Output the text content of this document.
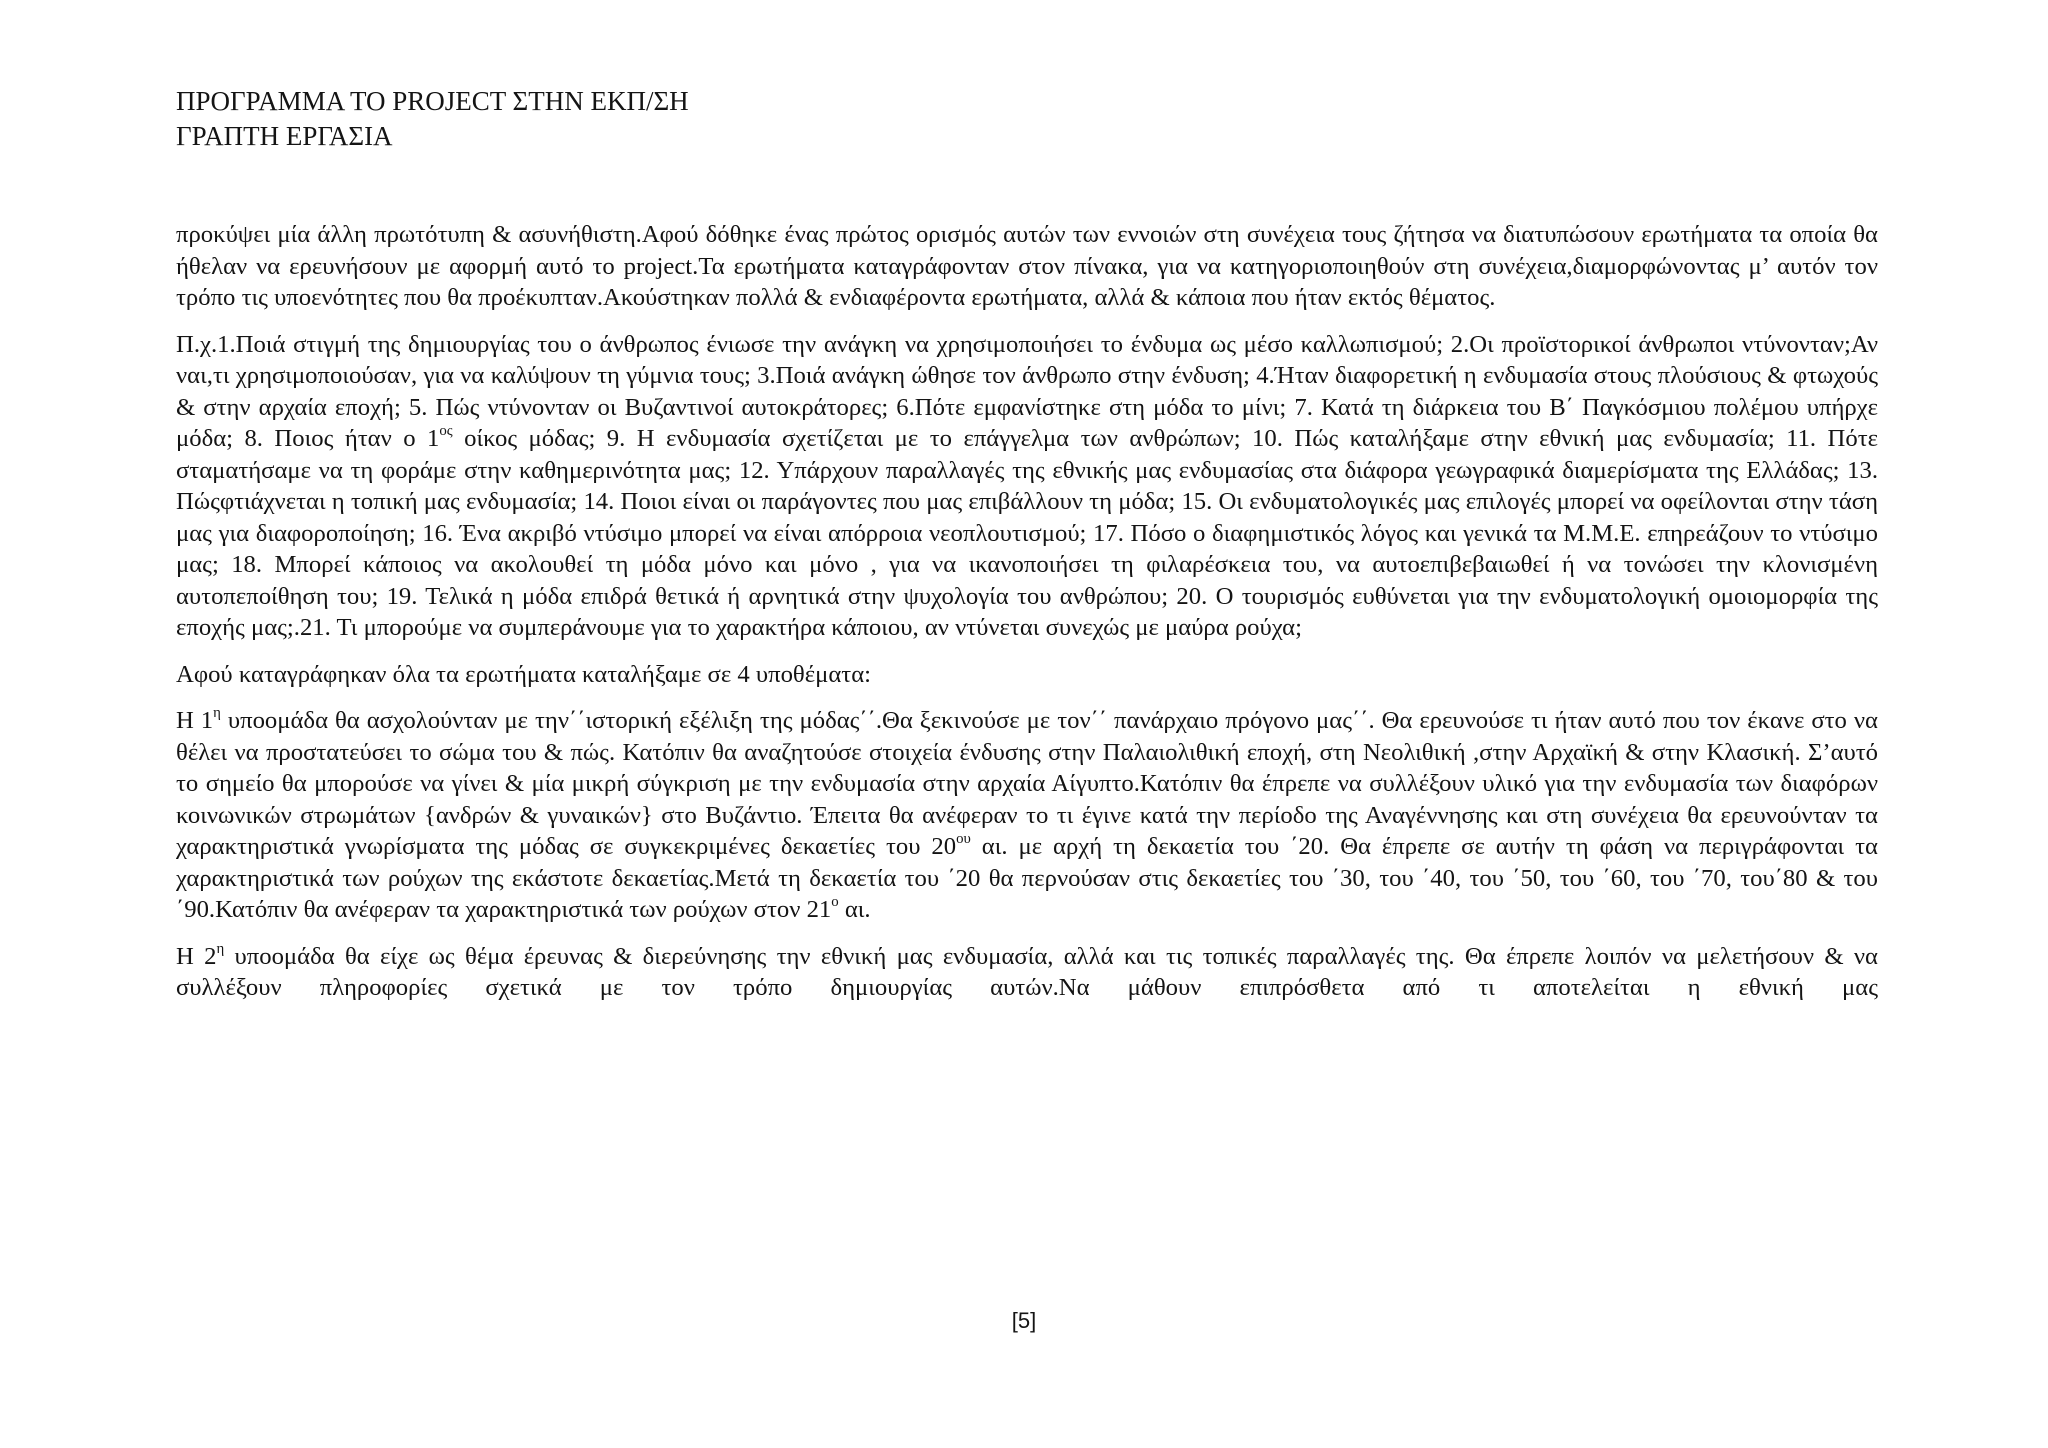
ΠΡΟΓΡΑΜΜΑ ΤΟ PROJECT ΣΤΗΝ ΕΚΠ/ΣΗ
ΓΡΑΠΤΗ ΕΡΓΑΣΙΑ

προκύψει μία άλλη πρωτότυπη & ασυνήθιστη.Αφού δόθηκε ένας πρώτος ορισμός αυτών των εννοιών στη συνέχεια τους ζήτησα να διατυπώσουν ερωτήματα τα οποία θα ήθελαν να ερευνήσουν με αφορμή αυτό το project.Τα ερωτήματα καταγράφονταν στον πίνακα, για να κατηγοριοποιηθούν στη συνέχεια,διαμορφώνοντας μ’ αυτόν τον τρόπο τις υποενότητες που θα προέκυπταν.Ακούστηκαν πολλά & ενδιαφέροντα ερωτήματα, αλλά & κάποια που ήταν εκτός θέματος.

Π.χ.1.Ποιά στιγμή της δημιουργίας του ο άνθρωπος ένιωσε την ανάγκη να χρησιμοποιήσει το ένδυμα ως μέσο καλλωπισμού; 2.Οι προϊστορικοί άνθρωποι ντύνονταν;Αν ναι,τι χρησιμοποιούσαν, για να καλύψουν τη γύμνια τους; 3.Ποιά ανάγκη ώθησε τον άνθρωπο στην ένδυση; 4.Ήταν διαφορετική η ενδυμασία στους πλούσιους & φτωχούς & στην αρχαία εποχή; 5. Πώς ντύνονταν οι Βυζαντινοί αυτοκράτορες; 6.Πότε εμφανίστηκε στη μόδα το μίνι; 7. Κατά τη διάρκεια του Β΄ Παγκόσμιου πολέμου υπήρχε μόδα; 8. Ποιος ήταν ο $1^{o\varsigma}$ οίκος μόδας; 9. Η ενδυμασία σχετίζεται με το επάγγελμα των ανθρώπων; 10. Πώς καταλήξαμε στην εθνική μας ενδυμασία; 11. Πότε σταματήσαμε να τη φοράμε στην καθημερινότητα μας; 12. Υπάρχουν παραλλαγές της εθνικής μας ενδυμασίας στα διάφορα γεωγραφικά διαμερίσματα της Ελλάδας; 13. Πώςφτιάχνεται η τοπική μας ενδυμασία; 14. Ποιοι είναι οι παράγοντες που μας επιβάλλουν τη μόδα; 15. Οι ενδυματολογικές μας επιλογές μπορεί να οφείλονται στην τάση μας για διαφοροποίηση; 16. Ένα ακριβό ντύσιμο μπορεί να είναι απόρροια νεοπλουτισμού; 17. Πόσο ο διαφημιστικός λόγος και γενικά τα Μ.Μ.Ε. επηρεάζουν το ντύσιμο μας; 18. Μπορεί κάποιος να ακολουθεί τη μόδα μόνο και μόνο , για να ικανοποιήσει τη φιλαρέσκεια του, να αυτοεπιβεβαιωθεί ή να τονώσει την κλονισμένη αυτοπεποίθηση του; 19. Τελικά η μόδα επιδρά θετικά ή αρνητικά στην ψυχολογία του ανθρώπου; 20. Ο τουρισμός ευθύνεται για την ενδυματολογική ομοιομορφία της εποχής μας;.21. Τι μπορούμε να συμπεράνουμε για το χαρακτήρα κάποιου, αν ντύνεται συνεχώς με μαύρα ρούχα;

Αφού καταγράφηκαν όλα τα ερωτήματα καταλήξαμε σε 4 υποθέματα:

Η $1^\eta$ υποομάδα θα ασχολούνταν με την΄΄ιστορική εξέλιξη της μόδας΄΄.Θα ξεκινούσε με τον΄΄ πανάρχαιο πρόγονο μας΄΄. Θα ερευνούσε τι ήταν αυτό που τον έκανε στο να θέλει να προστατεύσει το σώμα του & πώς. Κατόπιν θα αναζητούσε στοιχεία ένδυσης στην Παλαιολιθική εποχή, στη Νεολιθική ,στην Αρχαϊκή & στην Κλασική. Σ’αυτό το σημείο θα μπορούσε να γίνει & μία μικρή σύγκριση με την ενδυμασία στην αρχαία Αίγυπτο.Κατόπιν θα έπρεπε να συλλέξουν υλικό για την ενδυμασία των διαφόρων κοινωνικών στρωμάτων {ανδρών & γυναικών} στο Βυζάντιο. Έπειτα θα ανέφεραν το τι έγινε κατά την περίοδο της Αναγέννησης και στη συνέχεια θα ερευνούνταν τα χαρακτηριστικά γνωρίσματα της μόδας σε συγκεκριμένες δεκαετίες του $20^{o\upsilon}$ αι. με αρχή τη δεκαετία του ΄20. Θα έπρεπε σε αυτήν τη φάση να περιγράφονται τα χαρακτηριστικά των ρούχων της εκάστοτε δεκαετίας.Μετά τη δεκαετία του ΄20 θα περνούσαν στις δεκαετίες του ΄30, του ΄40, του ΄50, του ΄60, του ΄70, του΄80 & του ΄90.Κατόπιν θα ανέφεραν τα χαρακτηριστικά των ρούχων στον $21^o$ αι.

Η $2^\eta$ υποομάδα θα είχε ως θέμα έρευνας & διερεύνησης την εθνική μας ενδυμασία, αλλά και τις τοπικές παραλλαγές της. Θα έπρεπε λοιπόν να μελετήσουν & να συλλέξουν πληροφορίες σχετικά με τον τρόπο δημιουργίας αυτών.Να μάθουν επιπρόσθετα από τι αποτελείται η εθνική μας

[5]
